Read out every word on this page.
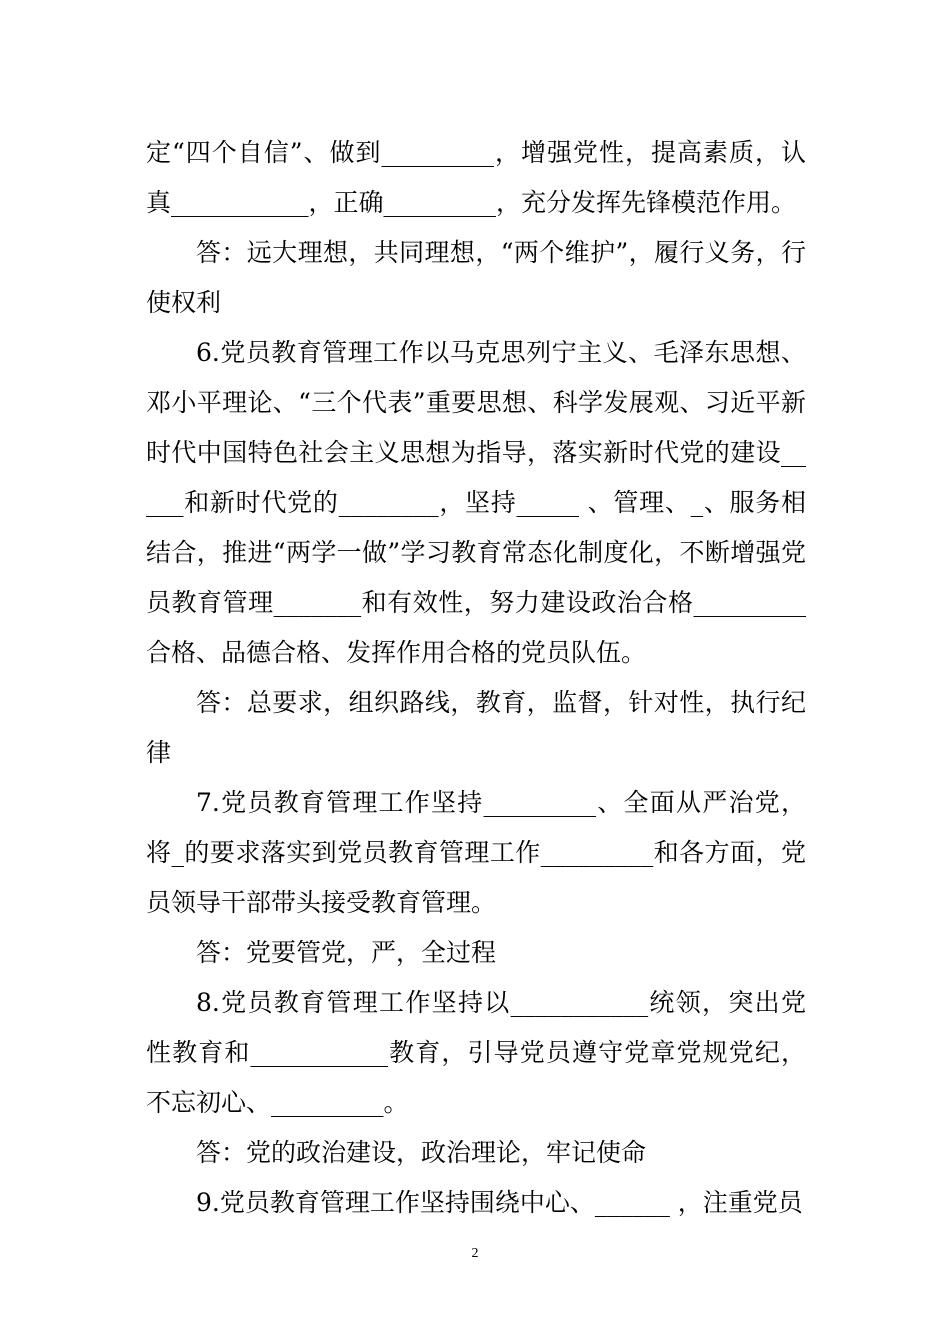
定“四个自信”、做到_________，增强党性，提高素质，认真___________，正确_________，充分发挥先锋模范作用。

答：远大理想，共同理想，“两个维护”，履行义务，行使权利

6.党员教育管理工作以马克思列宁主义、毛泽东思想、邓小平理论、“三个代表”重要思想、科学发展观、习近平新时代中国特色社会主义思想为指导，落实新时代党的建设_____和新时代党的________，坚持_____ 、管理、_、服务相结合，推进“两学一做”学习教育常态化制度化，不断增强党员教育管理_______和有效性，努力建设政治合格_________ 合格、品德合格、发挥作用合格的党员队伍。

答：总要求，组织路线，教育，监督，针对性，执行纪律

7.党员教育管理工作坚持_________、全面从严治党，将_的要求落实到党员教育管理工作_________和各方面，党员领导干部带头接受教育管理。

答：党要管党，严，全过程

8.党员教育管理工作坚持以___________统领，突出党性教育和___________教育，引导党员遵守党章党规党纪，不忘初心、_________。

答：党的政治建设，政治理论，牢记使命

9.党员教育管理工作坚持围绕中心、______ ，注重党员

2
